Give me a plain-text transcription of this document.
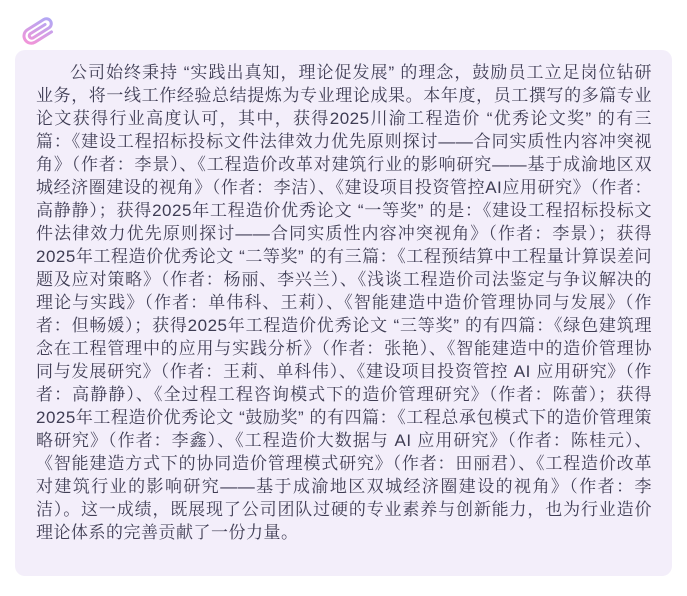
公司始终秉持 “实践出真知，理论促发展” 的理念，鼓励员工立足岗位钻研业务，将一线工作经验总结提炼为专业理论成果。本年度，员工撰写的多篇专业论文获得行业高度认可，其中，获得2025川渝工程造价 “优秀论文奖” 的有三篇：《建设工程招标投标文件法律效力优先原则探讨——合同实质性内容冲突视角》（作者：李景）、《工程造价改革对建筑行业的影响研究——基于成渝地区双城经济圈建设的视角》（作者：李洁）、《建设项目投资管控AI应用研究》（作者：高静静）；获得2025年工程造价优秀论文 “一等奖” 的是：《建设工程招标投标文件法律效力优先原则探讨——合同实质性内容冲突视角》（作者：李景）；获得2025年工程造价优秀论文 “二等奖” 的有三篇：《工程预结算中工程量计算误差问题及应对策略》（作者：杨丽、李兴兰）、《浅谈工程造价司法鉴定与争议解决的理论与实践》（作者：单伟科、王莉）、《智能建造中造价管理协同与发展》（作者：但畅媛）；获得2025年工程造价优秀论文 “三等奖” 的有四篇：《绿色建筑理念在工程管理中的应用与实践分析》（作者：张艳）、《智能建造中的造价管理协同与发展研究》（作者：王莉、单科伟）、《建设项目投资管控 AI 应用研究》（作者：高静静）、《全过程工程咨询模式下的造价管理研究》（作者：陈蕾）；获得2025年工程造价优秀论文 “鼓励奖” 的有四篇：《工程总承包模式下的造价管理策略研究》（作者：李鑫）、《工程造价大数据与 AI 应用研究》（作者：陈桂元）、《智能建造方式下的协同造价管理模式研究》（作者：田丽君）、《工程造价改革对建筑行业的影响研究——基于成渝地区双城经济圈建设的视角》（作者：李洁）。这一成绩，既展现了公司团队过硬的专业素养与创新能力，也为行业造价理论体系的完善贡献了一份力量。
